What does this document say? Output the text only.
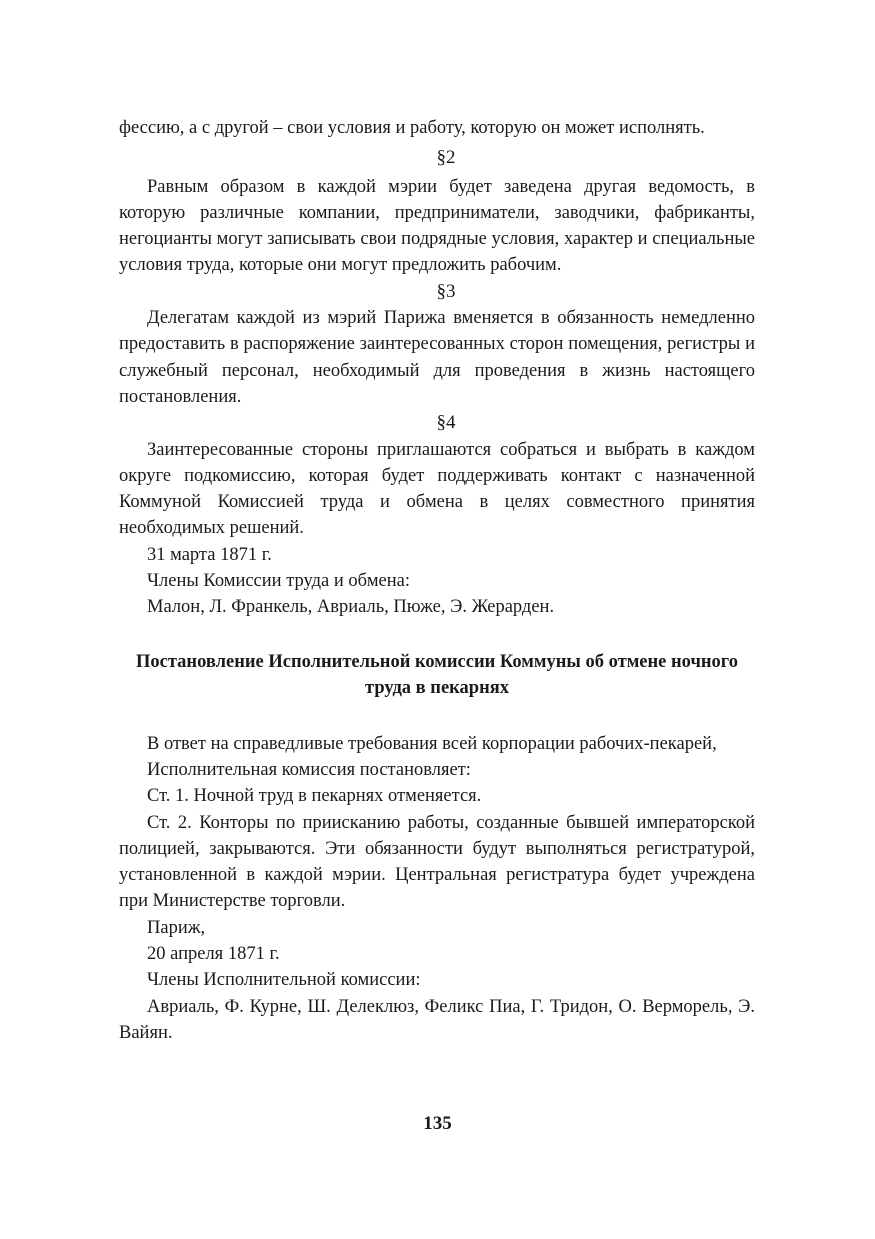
фессию, а с другой – свои условия и работу, которую он может исполнять.

§2

Равным образом в каждой мэрии будет заведена другая ведомость, в которую различные компании, предприниматели, заводчики, фабриканты, негоцианты могут записывать свои подрядные условия, характер и специальные условия труда, которые они могут предложить рабочим.

§3

Делегатам каждой из мэрий Парижа вменяется в обязанность немедленно предоставить в распоряжение заинтересованных сторон помещения, регистры и служебный персонал, необходимый для проведения в жизнь настоящего постановления.

§4

Заинтересованные стороны приглашаются собраться и выбрать в каждом округе подкомиссию, которая будет поддерживать контакт с назначенной Коммуной Комиссией труда и обмена в целях совместного принятия необходимых решений.

31 марта 1871 г.

Члены Комиссии труда и обмена:

Малон, Л. Франкель, Авриаль, Пюже, Э. Жерарден.

Постановление Исполнительной комиссии Коммуны об отмене ночного труда в пекарнях

В ответ на справедливые требования всей корпорации рабочих-пекарей,

Исполнительная комиссия постановляет:

Ст. 1. Ночной труд в пекарнях отменяется.

Ст. 2. Конторы по приисканию работы, созданные бывшей императорской полицией, закрываются. Эти обязанности будут выполняться регистратурой, установленной в каждой мэрии. Центральная регистратура будет учреждена при Министерстве торговли.

Париж,

20 апреля 1871 г.

Члены Исполнительной комиссии:

Авриаль, Ф. Курне, Ш. Делеклюз, Феликс Пиа, Г. Тридон, О. Верморель, Э. Вайян.

135
